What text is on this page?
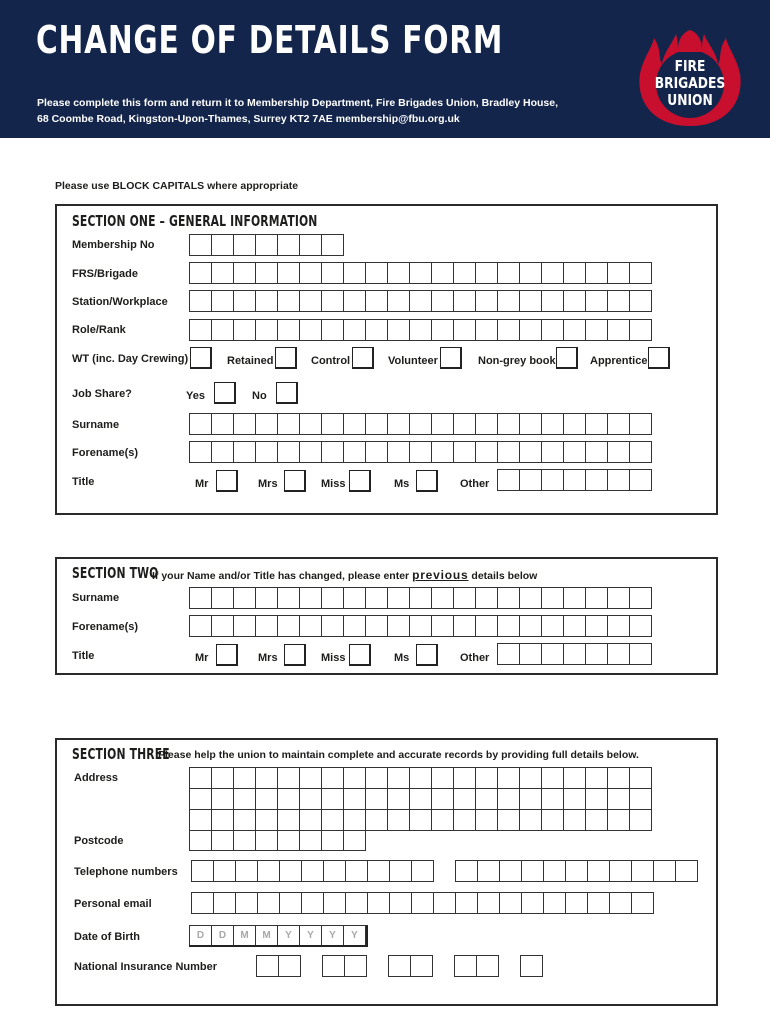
CHANGE OF DETAILS FORM
Please complete this form and return it to Membership Department, Fire Brigades Union, Bradley House,
68 Coombe Road, Kingston-Upon-Thames, Surrey KT2 7AE membership@fbu.org.uk
FIRE
BRIGADES
UNION
Please use BLOCK CAPITALS where appropriate
SECTION ONE – GENERAL INFORMATION
Membership No
FRS/Brigade
Station/Workplace
Role/Rank
WT (inc. Day Crewing)	Retained	Control	Volunteer	Non-grey book	Apprentice
Job Share?	Yes	No
Surname
Forename(s)
Title	Mr	Mrs	Miss	Ms	Other
SECTION TWO
If your Name and/or Title has changed, please enter previous details below
Surname
Forename(s)
Title	Mr	Mrs	Miss	Ms	Other
SECTION THREE
Please help the union to maintain complete and accurate records by providing full details below.
Address
Postcode
Telephone numbers
Personal email
Date of Birth	D	D	M	M	Y	Y	Y	Y
National Insurance Number
